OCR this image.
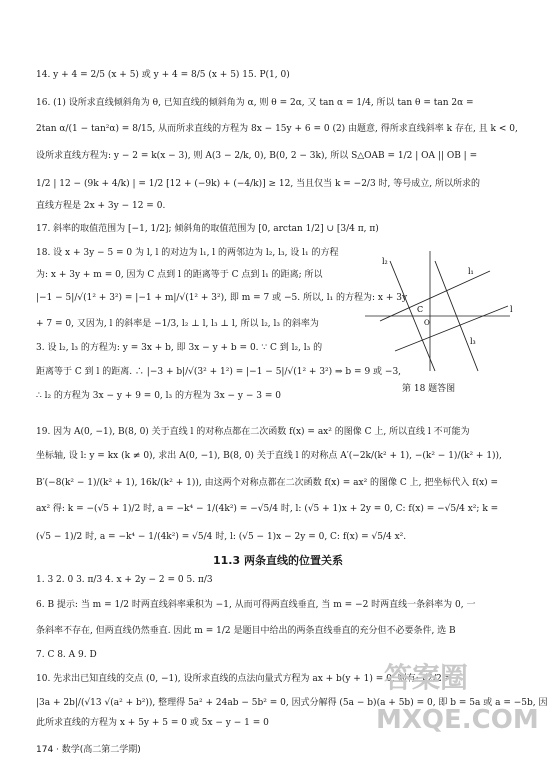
14. y + 4 = 2/5 (x + 5) 或 y + 4 = 8/5 (x + 5) 15. P(1, 0)
16. (1) 设所求直线倾斜角为 θ, 已知直线的倾斜角为 α, 则 θ = 2α, 又 tan α = 1/4, 所以 tan θ = tan 2α =
2tan α/(1 − tan²α) = 8/15, 从而所求直线的方程为 8x − 15y + 6 = 0 (2) 由题意, 得所求直线斜率 k 存在, 且 k < 0,
设所求直线方程为: y − 2 = k(x − 3), 则 A(3 − 2/k, 0), B(0, 2 − 3k), 所以 S△OAB = 1/2 | OA || OB | =
1/2 | 12 − (9k + 4/k) | = 1/2 [12 + (−9k) + (−4/k)] ≥ 12, 当且仅当 k = −2/3 时, 等号成立, 所以所求的
直线方程是 2x + 3y − 12 = 0.
17. 斜率的取值范围为 [−1, 1/2]; 倾斜角的取值范围为 [0, arctan 1/2] ∪ [3/4 π, π)
18. 设 x + 3y − 5 = 0 为 l, l 的对边为 l₁, l 的两邻边为 l₂, l₃, 设 l₁ 的方程
为: x + 3y + m = 0, 因为 C 点到 l 的距离等于 C 点到 l₁ 的距离; 所以
|−1 − 5|/√(1² + 3²) = |−1 + m|/√(1² + 3²), 即 m = 7 或 −5. 所以, l₁ 的方程为: x + 3y
+ 7 = 0, 又因为, l 的斜率是 −1/3, l₂ ⊥ l, l₃ ⊥ l, 所以 l₂, l₃ 的斜率为
3. 设 l₂, l₃ 的方程为: y = 3x + b, 即 3x − y + b = 0. ∵ C 到 l₂, l₃ 的
距离等于 C 到 l 的距离. ∴ |−3 + b|/√(3² + 1²) = |−1 − 5|/√(1² + 3²) ⇒ b = 9 或 −3,
∴ l₂ 的方程为 3x − y + 9 = 0, l₃ 的方程为 3x − y − 3 = 0
19. 因为 A(0, −1), B(8, 0) 关于直线 l 的对称点都在二次函数 f(x) = ax² 的图像 C 上, 所以直线 l 不可能为
坐标轴, 设 l: y = kx (k ≠ 0), 求出 A(0, −1), B(8, 0) 关于直线 l 的对称点 A′(−2k/(k² + 1), −(k² − 1)/(k² + 1)),
B′(−8(k² − 1)/(k² + 1), 16k/(k² + 1)), 由这两个对称点都在二次函数 f(x) = ax² 的图像 C 上, 把坐标代入 f(x) =
ax² 得: k = −(√5 + 1)/2 时, a = −k⁴ − 1/(4k²) = −√5/4 时, l: (√5 + 1)x + 2y = 0, C: f(x) = −√5/4 x²; k =
(√5 − 1)/2 时, a = −k⁴ − 1/(4k²) = √5/4 时, l: (√5 − 1)x − 2y = 0, C: f(x) = √5/4 x².
11.3 两条直线的位置关系
1. 3 2. 0 3. π/3 4. x + 2y − 2 = 0 5. π/3
6. B 提示: 当 m = 1/2 时两直线斜率乘积为 −1, 从而可得两直线垂直, 当 m = −2 时两直线一条斜率为 0, 一
条斜率不存在, 但两直线仍然垂直. 因此 m = 1/2 是题目中给出的两条直线垂直的充分但不必要条件, 选 B
7. C 8. A 9. D
10. 先求出已知直线的交点 (0, −1), 设所求直线的点法向量式方程为 ax + b(y + 1) = 0, 则有: √2/2 =
|3a + 2b|/(√13 √(a² + b²)), 整理得 5a² + 24ab − 5b² = 0, 因式分解得 (5a − b)(a + 5b) = 0, 即 b = 5a 或 a = −5b, 因
此所求直线的方程为 x + 5y + 5 = 0 或 5x − y − 1 = 0
l₂
l₁
l
l₃
C
O
第 18 题答图
174 · 数学(高二第二学期)
答案圈
MXQE.COM
